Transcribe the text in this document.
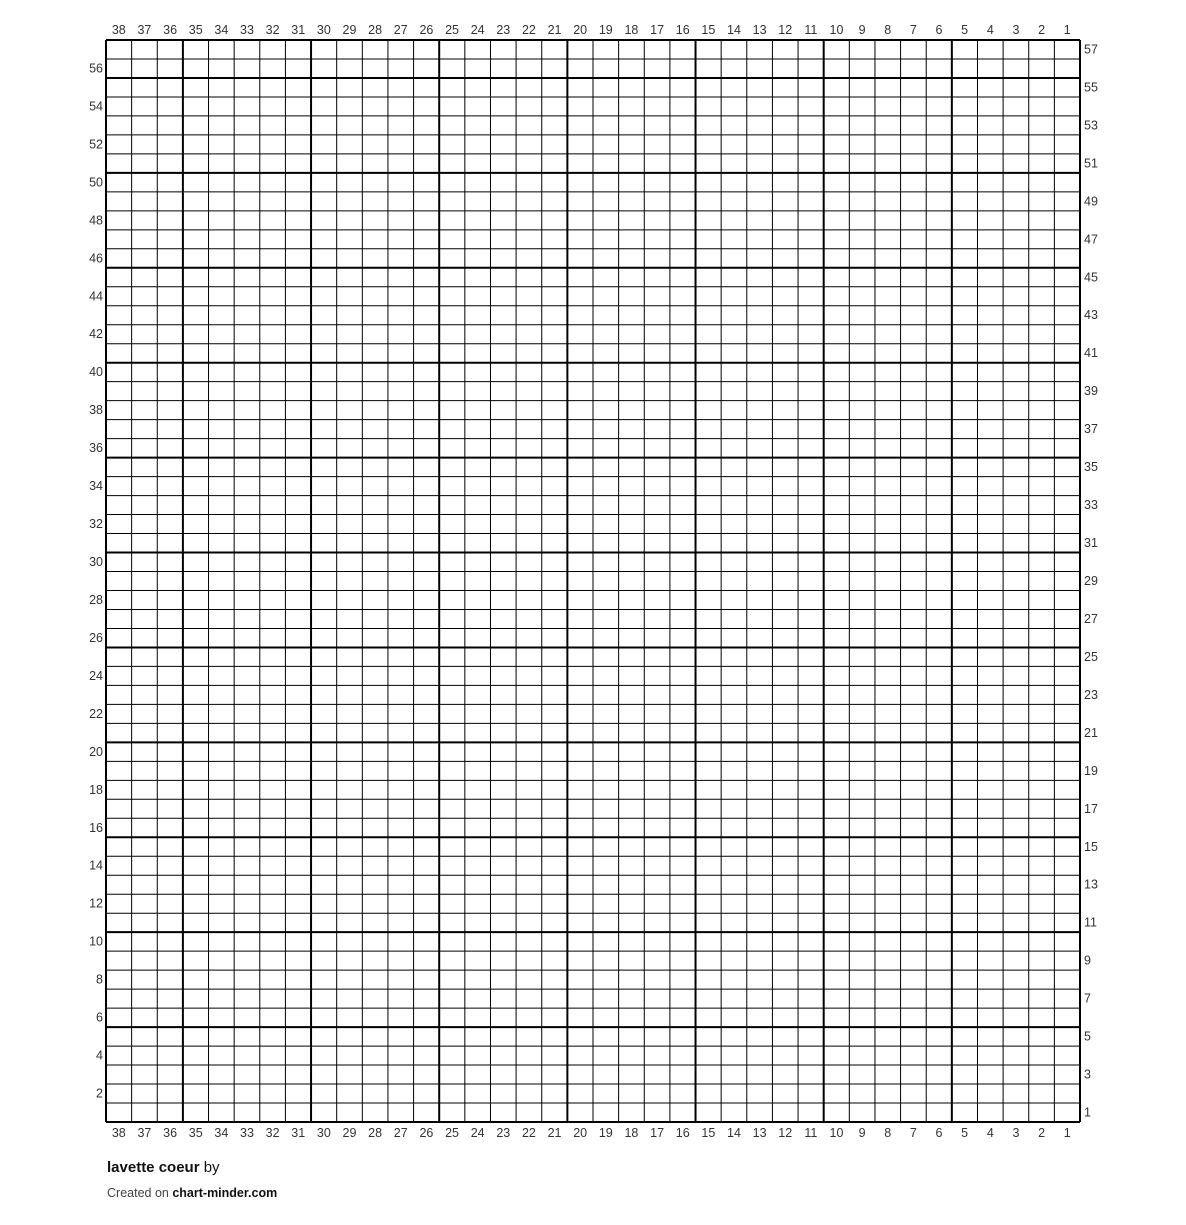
1
1
2
2
3
3
4
4
5
5
6
6
7
7
8
8
9
9
10
10
11
11
12
12
13
13
14
14
15
15
16
16
17
17
18
18
19
19
20
20
21
21
22
22
23
23
24
24
25
25
26
26
27
27
28
28
29
29
30
30
31
31
32
32
33
33
34
34
35
35
36
36
37
37
38
38
1
2
3
4
5
6
7
8
9
10
11
12
13
14
15
16
17
18
19
20
21
22
23
24
25
26
27
28
29
30
31
32
33
34
35
36
37
38
39
40
41
42
43
44
45
46
47
48
49
50
51
52
53
54
55
56
57
lavette coeur by
Created on chart-minder.com
